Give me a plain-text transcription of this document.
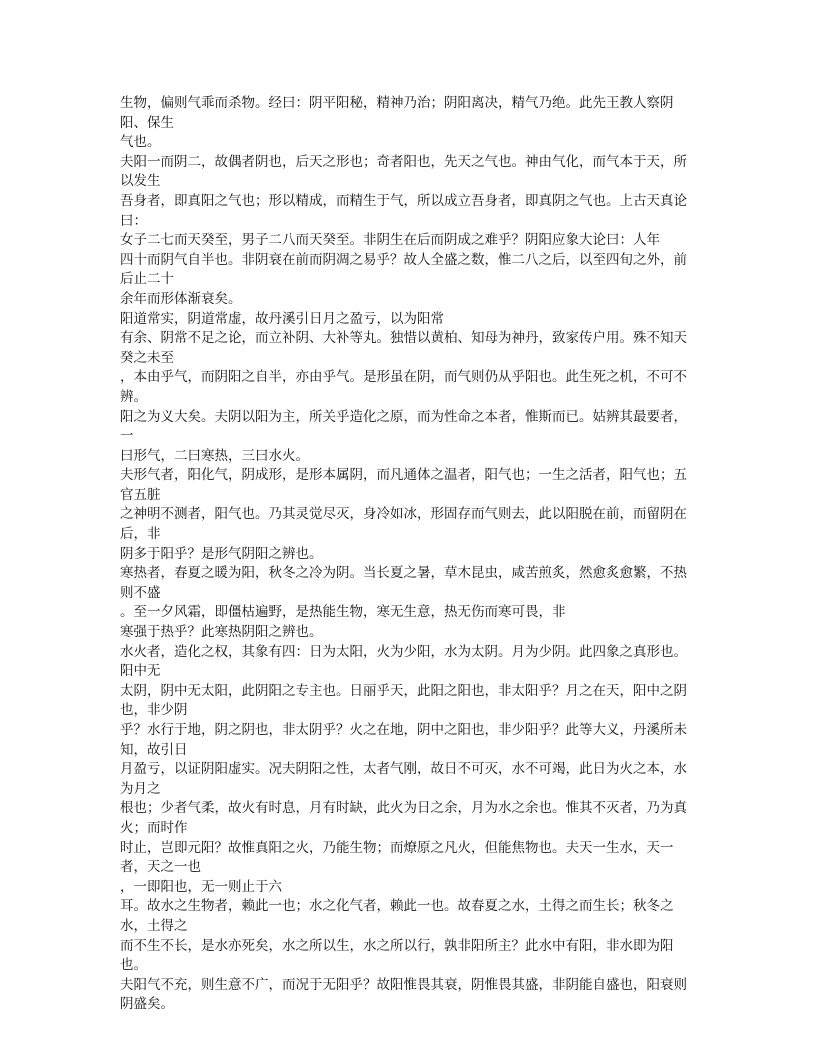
生物，偏则气乖而杀物。经曰：阴平阳秘，精神乃治；阴阳离决，精气乃绝。此先王教人察阴阳、保生
气也。
夫阳一而阴二，故偶者阴也，后天之形也；奇者阳也，先天之气也。神由气化，而气本于天，所以发生
吾身者，即真阳之气也；形以精成，而精生于气，所以成立吾身者，即真阴之气也。上古天真论曰：
女子二七而天癸至，男子二八而天癸至。非阴生在后而阴成之难乎？阴阳应象大论曰：人年
四十而阴气自半也。非阴衰在前而阴凋之易乎？故人全盛之数，惟二八之后，以至四旬之外，前后止二十
余年而形体渐衰矣。
阳道常实，阴道常虚，故丹溪引日月之盈亏，以为阳常
有余、阴常不足之论，而立补阴、大补等丸。独惜以黄柏、知母为神丹，致家传户用。殊不知天癸之未至
，本由乎气，而阴阳之自半，亦由乎气。是形虽在阴，而气则仍从乎阳也。此生死之机，不可不辨。
阳之为义大矣。夫阴以阳为主，所关乎造化之原，而为性命之本者，惟斯而已。姑辨其最要者，一
曰形气，二曰寒热，三曰水火。
夫形气者，阳化气，阴成形，是形本属阴，而凡通体之温者，阳气也；一生之活者，阳气也；五官五脏
之神明不测者，阳气也。乃其灵觉尽灭，身冷如冰，形固存而气则去，此以阳脱在前，而留阴在后，非
阴多于阳乎？是形气阴阳之辨也。
寒热者，春夏之暖为阳，秋冬之冷为阴。当长夏之暑，草木昆虫，咸苦煎炙，然愈炙愈繁，不热则不盛
。至一夕风霜，即僵枯遍野，是热能生物，寒无生意，热无伤而寒可畏，非
寒强于热乎？此寒热阴阳之辨也。
水火者，造化之权，其象有四：日为太阳，火为少阳，水为太阴。月为少阴。此四象之真形也。阳中无
太阴，阴中无太阳，此阴阳之专主也。日丽乎天，此阳之阳也，非太阳乎？月之在天，阳中之阴也，非少阴
乎？水行于地，阴之阴也，非太阴乎？火之在地，阴中之阳也，非少阳乎？此等大义，丹溪所未知，故引日
月盈亏，以证阴阳虚实。况夫阴阳之性，太者气刚，故日不可灭，水不可竭，此日为火之本，水为月之
根也；少者气柔，故火有时息，月有时缺，此火为日之余，月为水之余也。惟其不灭者，乃为真火；而时作
时止，岂即元阳？故惟真阳之火，乃能生物；而燎原之凡火，但能焦物也。夫天一生水，天一者，天之一也
，一即阳也，无一则止于六
耳。故水之生物者，赖此一也；水之化气者，赖此一也。故春夏之水，土得之而生长；秋冬之水，土得之
而不生不长，是水亦死矣，水之所以生，水之所以行，孰非阳所主？此水中有阳，非水即为阳也。
夫阳气不充，则生意不广，而况于无阳乎？故阳惟畏其衰，阴惟畏其盛，非阴能自盛也，阳衰则阴盛矣。
